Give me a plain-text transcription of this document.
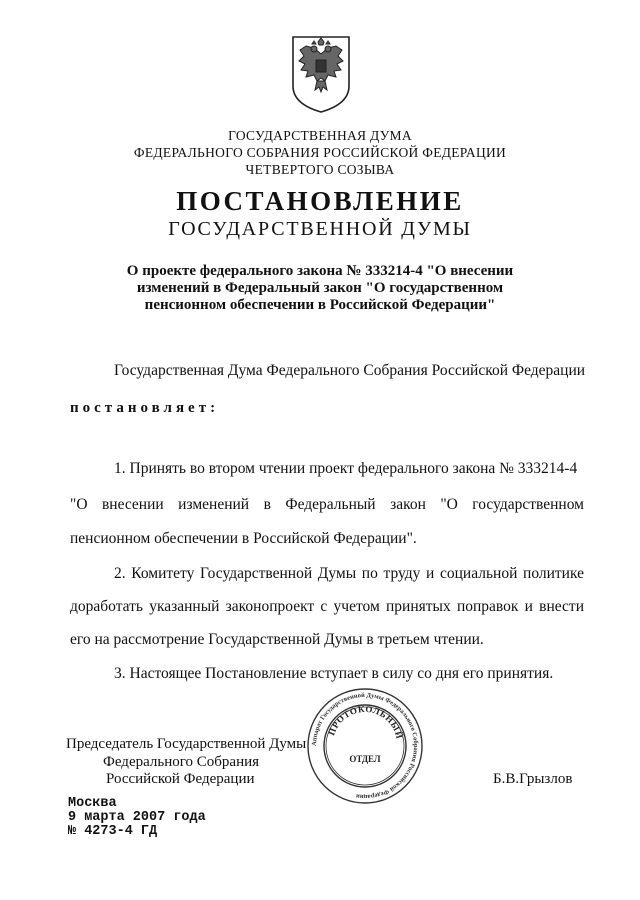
ГОСУДАРСТВЕННАЯ ДУМА
ФЕДЕРАЛЬНОГО СОБРАНИЯ РОССИЙСКОЙ ФЕДЕРАЦИИ
ЧЕТВЕРТОГО СОЗЫВА
ПОСТАНОВЛЕНИЕ
ГОСУДАРСТВЕННОЙ ДУМЫ
О проекте федерального закона № 333214-4 "О внесении
изменений в Федеральный закон "О государственном
пенсионном обеспечении в Российской Федерации"
Государственная Дума Федерального Собрания Российской Федерации
постановляет:
1. Принять во втором чтении проект федерального закона № 333214-4
"О внесении изменений в Федеральный закон "О государственном
пенсионном обеспечении в Российской Федерации".
2. Комитету Государственной Думы по труду и социальной политике
доработать указанный законопроект с учетом принятых поправок и внести
его на рассмотрение Государственной Думы в третьем чтении.
3. Настоящее Постановление вступает в силу со дня его принятия.
Председатель Государственной Думы
Федерального Собрания
Российской Федерации	Б.В.Грызлов
Аппарат Государственной Думы Федерального Собрания Российской Федерации
ПРОТОКОЛЬНЫЙ
ОТДЕЛ
Москва
9 марта 2007 года
№ 4273-4 ГД
